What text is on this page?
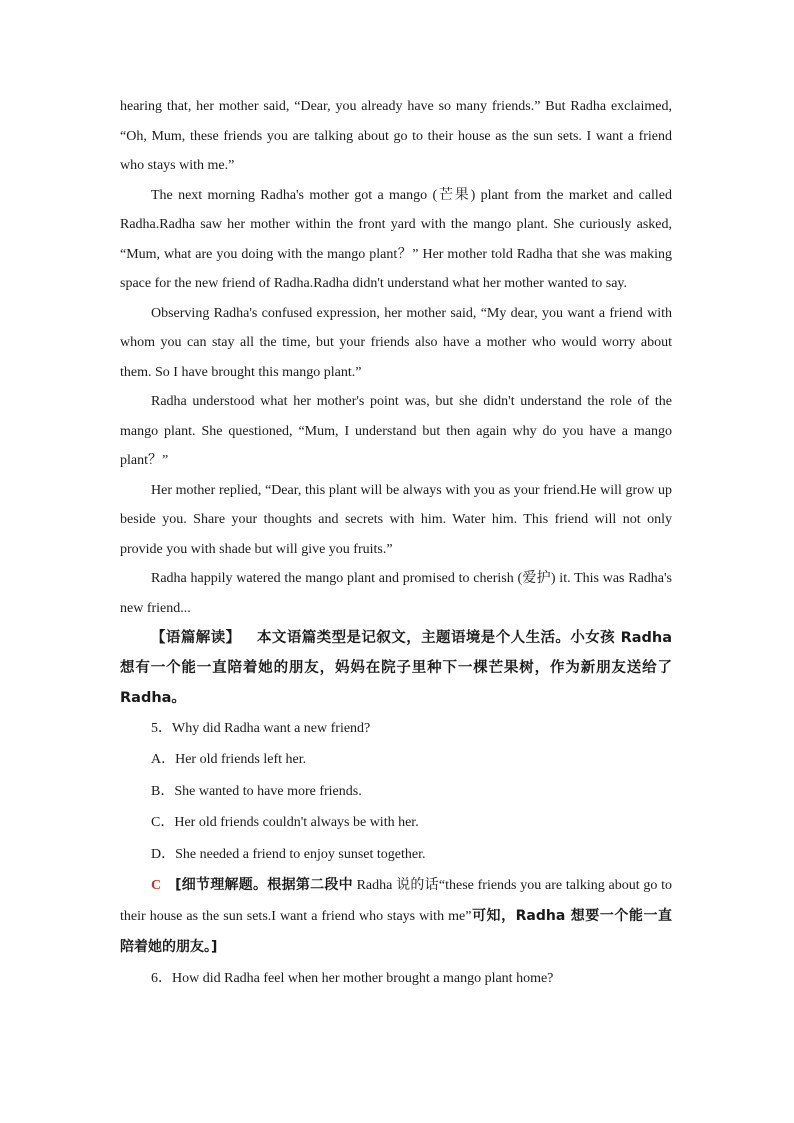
hearing that, her mother said, “Dear, you already have so many friends.” But Radha exclaimed, “Oh, Mum, these friends you are talking about go to their house as the sun sets. I want a friend who stays with me.”

The next morning Radha's mother got a mango (芒果) plant from the market and called Radha.Radha saw her mother within the front yard with the mango plant. She curiously asked, “Mum, what are you doing with the mango plant？” Her mother told Radha that she was making space for the new friend of Radha.Radha didn't understand what her mother wanted to say.

Observing Radha's confused expression, her mother said, “My dear, you want a friend with whom you can stay all the time, but your friends also have a mother who would worry about them. So I have brought this mango plant.”

Radha understood what her mother's point was, but she didn't understand the role of the mango plant. She questioned, “Mum, I understand but then again why do you have a mango plant？”

Her mother replied, “Dear, this plant will be always with you as your friend.He will grow up beside you. Share your thoughts and secrets with him. Water him. This friend will not only provide you with shade but will give you fruits.”

Radha happily watered the mango plant and promised to cherish (爱护) it. This was Radha's new friend...

【语篇解读】 本文语篇类型是记叙文，主题语境是个人生活。小女孩 Radha 想有一个能一直陪着她的朋友，妈妈在院子里种下一棵芒果树，作为新朋友送给了 Radha。

5．Why did Radha want a new friend?

A．Her old friends left her.

B．She wanted to have more friends.

C．Her old friends couldn't always be with her.

D．She needed a friend to enjoy sunset together.

C [细节理解题。根据第二段中 Radha 说的话“these friends you are talking about go to their house as the sun sets.I want a friend who stays with me”可知，Radha 想要一个能一直陪着她的朋友。]

6．How did Radha feel when her mother brought a mango plant home?
